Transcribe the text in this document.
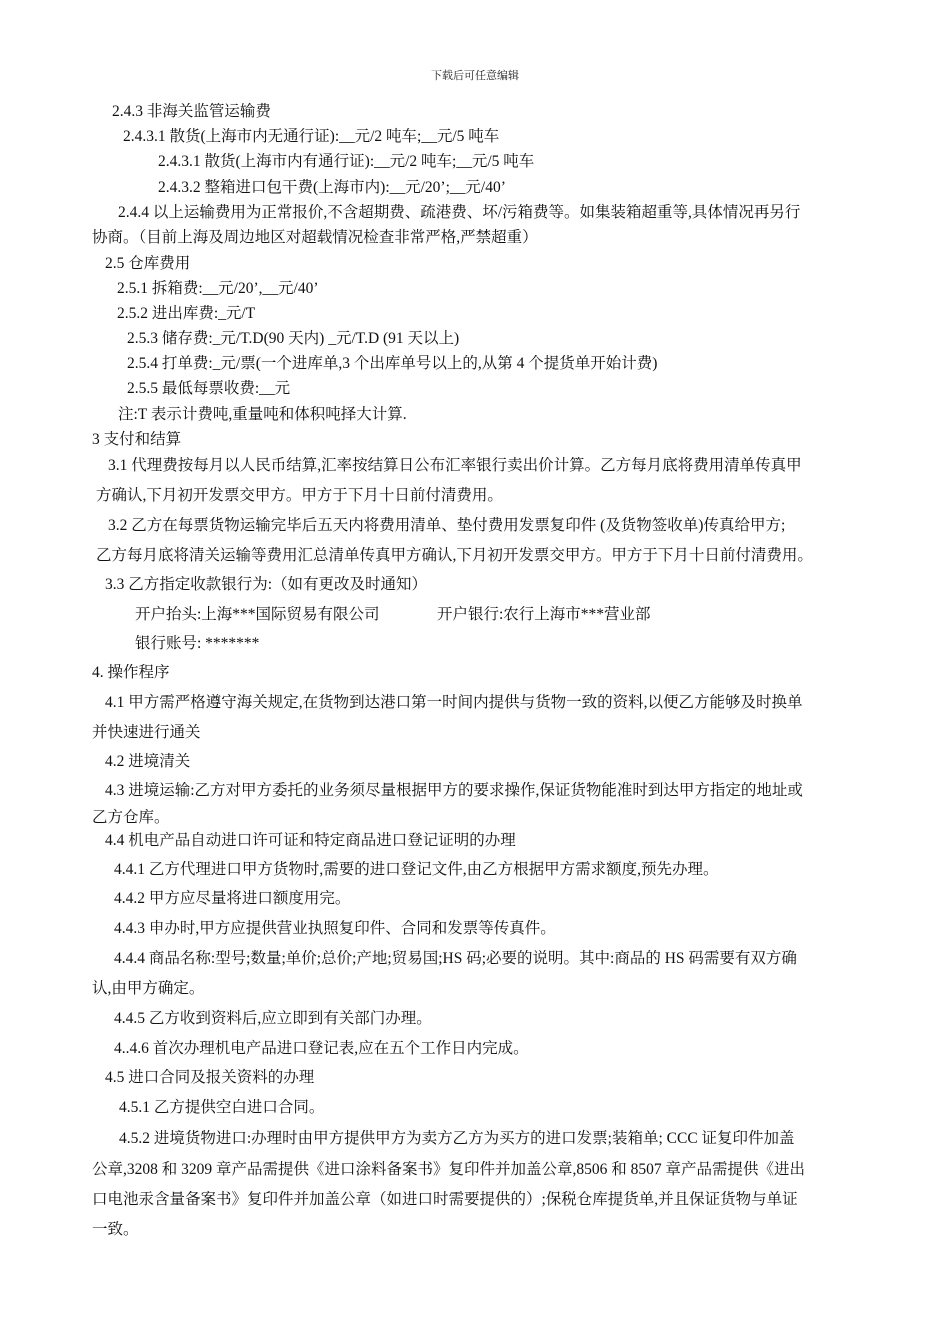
下载后可任意编辑
2.4.3 非海关监管运输费
2.4.3.1 散货(上海市内无通行证):__元/2 吨车;__元/5 吨车
2.4.3.1 散货(上海市内有通行证):__元/2 吨车;__元/5 吨车
2.4.3.2 整箱进口包干费(上海市内):__元/20’;__元/40’
2.4.4 以上运输费用为正常报价,不含超期费、疏港费、坏/污箱费等。如集装箱超重等,具体情况再另行
协商。（目前上海及周边地区对超载情况检查非常严格,严禁超重）
2.5 仓库费用
2.5.1 拆箱费:__元/20’,__元/40’
2.5.2 进出库费:_元/T
2.5.3 储存费:_元/T.D(90 天内) _元/T.D (91 天以上)
2.5.4 打单费:_元/票(一个进库单,3 个出库单号以上的,从第 4 个提货单开始计费)
2.5.5 最低每票收费:__元
注:T 表示计费吨,重量吨和体积吨择大计算.
3 支付和结算
3.1 代理费按每月以人民币结算,汇率按结算日公布汇率银行卖出价计算。乙方每月底将费用清单传真甲
方确认,下月初开发票交甲方。甲方于下月十日前付清费用。
3.2 乙方在每票货物运输完毕后五天内将费用清单、垫付费用发票复印件 (及货物签收单)传真给甲方;
乙方每月底将清关运输等费用汇总清单传真甲方确认,下月初开发票交甲方。甲方于下月十日前付清费用。
3.3 乙方指定收款银行为:（如有更改及时通知）
开户抬头:上海***国际贸易有限公司	开户银行:农行上海市***营业部
银行账号: *******
4. 操作程序
4.1 甲方需严格遵守海关规定,在货物到达港口第一时间内提供与货物一致的资料,以便乙方能够及时换单
并快速进行通关
4.2 进境清关
4.3 进境运输:乙方对甲方委托的业务须尽量根据甲方的要求操作,保证货物能准时到达甲方指定的地址或
乙方仓库。
4.4 机电产品自动进口许可证和特定商品进口登记证明的办理
4.4.1 乙方代理进口甲方货物时,需要的进口登记文件,由乙方根据甲方需求额度,预先办理。
4.4.2 甲方应尽量将进口额度用完。
4.4.3 申办时,甲方应提供营业执照复印件、合同和发票等传真件。
4.4.4 商品名称:型号;数量;单价;总价;产地;贸易国;HS 码;必要的说明。其中:商品的 HS 码需要有双方确
认,由甲方确定。
4.4.5 乙方收到资料后,应立即到有关部门办理。
4..4.6 首次办理机电产品进口登记表,应在五个工作日内完成。
4.5 进口合同及报关资料的办理
4.5.1 乙方提供空白进口合同。
4.5.2 进境货物进口:办理时由甲方提供甲方为卖方乙方为买方的进口发票;装箱单; CCC 证复印件加盖
公章,3208 和 3209 章产品需提供《进口涂料备案书》复印件并加盖公章,8506 和 8507 章产品需提供《进出
口电池汞含量备案书》复印件并加盖公章（如进口时需要提供的）;保税仓库提货单,并且保证货物与单证
一致。
